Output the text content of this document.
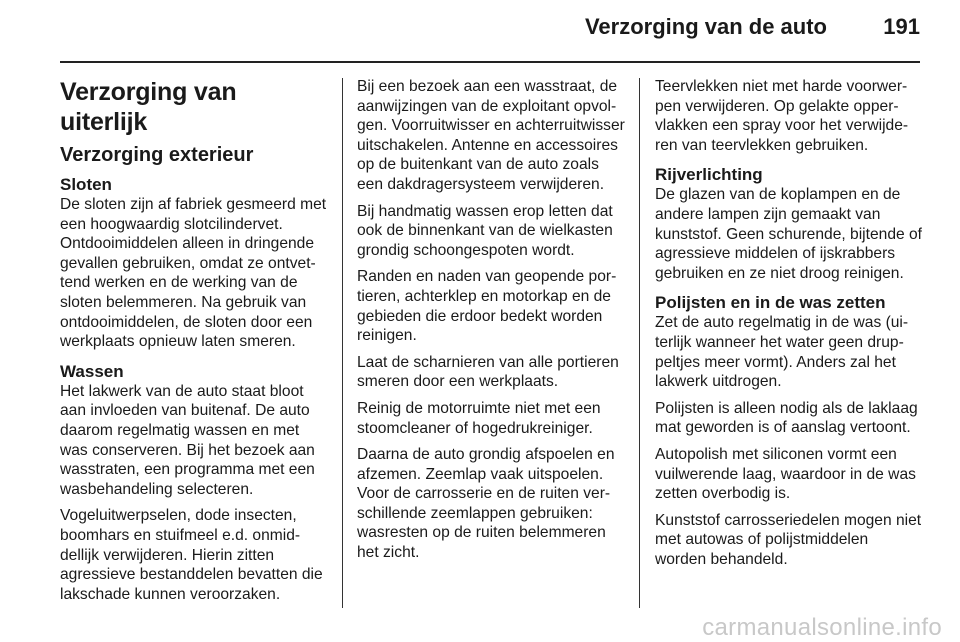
Verzorging van de auto	191
Verzorging van uiterlijk
Verzorging exterieur
Sloten

De sloten zijn af fabriek gesmeerd met een hoogwaardig slotcilindervet. Ontdooimiddelen alleen in dringende gevallen gebruiken, omdat ze ontvettend werken en de werking van de sloten belemmeren. Na gebruik van ontdooimiddelen, de sloten door een werkplaats opnieuw laten smeren.

Wassen

Het lakwerk van de auto staat bloot aan invloeden van buitenaf. De auto daarom regelmatig wassen en met was conserveren. Bij het bezoek aan wasstraten, een programma met een wasbehandeling selecteren.

Vogeluitwerpselen, dode insecten, boomhars en stuifmeel e.d. onmiddellijk verwijderen. Hierin zitten agressieve bestanddelen bevatten die lakschade kunnen veroorzaken.

Bij een bezoek aan een wasstraat, de aanwijzingen van de exploitant opvolgen. Voorruitwisser en achterruitwisser uitschakelen. Antenne en accessoires op de buitenkant van de auto zoals een dakdragersysteem verwijderen.

Bij handmatig wassen erop letten dat ook de binnenkant van de wielkasten grondig schoongespoten wordt.

Randen en naden van geopende portieren, achterklep en motorkap en de gebieden die erdoor bedekt worden reinigen.

Laat de scharnieren van alle portieren smeren door een werkplaats.

Reinig de motorruimte niet met een stoomcleaner of hogedrukreiniger.

Daarna de auto grondig afspoelen en afzemen. Zeemlap vaak uitspoelen. Voor de carrosserie en de ruiten verschillende zeemlappen gebruiken: wasresten op de ruiten belemmeren het zicht.

Teervlekken niet met harde voorwerpen verwijderen. Op gelakte oppervlakken een spray voor het verwijderen van teervlekken gebruiken.

Rijverlichting

De glazen van de koplampen en de andere lampen zijn gemaakt van kunststof. Geen schurende, bijtende of agressieve middelen of ijskrabbers gebruiken en ze niet droog reinigen.

Polijsten en in de was zetten

Zet de auto regelmatig in de was (uiterlijk wanneer het water geen druppeltjes meer vormt). Anders zal het lakwerk uitdrogen.

Polijsten is alleen nodig als de laklaag mat geworden is of aanslag vertoont.

Autopolish met siliconen vormt een vuilwerende laag, waardoor in de was zetten overbodig is.

Kunststof carrosseriedelen mogen niet met autowas of polijstmiddelen worden behandeld.

carmanualsonline.info
